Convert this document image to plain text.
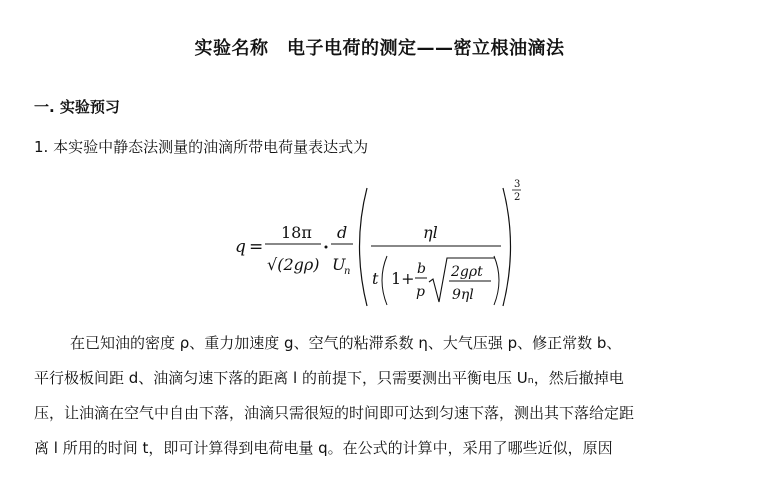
实验名称　电子电荷的测定——密立根油滴法
一. 实验预习
1. 本实验中静态法测量的油滴所带电荷量表达式为
q =
18π
√(2gρ)
d
U
n
ηl
t 1+ b
p
2gρt
9ηl
3
2

在已知油的密度 ρ、重力加速度 g、空气的粘滞系数 η、大气压强 p、修正常数 b、

平行极板间距 d、油滴匀速下落的距离 l 的前提下，只需要测出平衡电压 Uₙ，然后撤掉电

压，让油滴在空气中自由下落，油滴只需很短的时间即可达到匀速下落，测出其下落给定距

离 l 所用的时间 t，即可计算得到电荷电量 q。在公式的计算中，采用了哪些近似，原因
